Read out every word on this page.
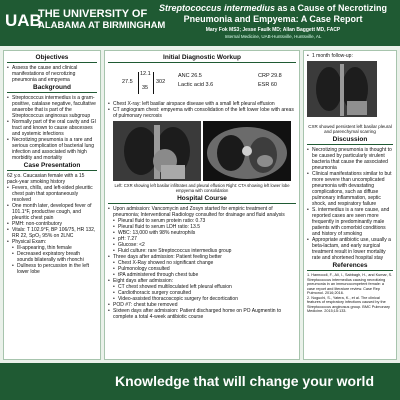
UAB
THE UNIVERSITY OF
ALABAMA AT BIRMINGHAM
Streptococcus intermedius as a Cause of Necrotizing Pneumonia and Empyema: A Case Report
Mary Fok MS3; Jesse Faulk MD; Allan Baggett MD, FACP
Internal Medicine, UAB-Huntsville, Huntsville, AL
Objectives
• Assess the cause and clinical manifestations of necrotizing pneumonia and empyema
Background
• Streptococcus intermedius is a gram-positive, catalase negative, facultative anaerobe that is part of the Streptococcus anginosus subgroup
• Normally part of the oral cavity and GI tract and known to cause abscesses and systemic infections
• Necrotizing pneumonia is a rare and serious complication of bacterial lung infection and associated with high morbidity and mortality
Case Presentation
62 y.o. Caucasian female with a 15 pack-year smoking history
• Fevers, chills, and left-sided pleuritic chest pain that spontaneously resolved
• One month later, developed fever of 101.1°F, productive cough, and pleuritic chest pain
• PMH: non-contributory
• Vitals: T 102.9°F, BP 106/75, HR 132, RR 22, SpO₂ 95% on 2LNC
• Physical Exam:
• Ill-appearing, thin female
• Decreased expiratory breath sounds bilaterally with rhonchi
• Dullness to percussion in the left lower lobe
Initial Diagnostic Workup
27.5
12.1
35
302
ANC 26.5
Lactic acid 3.6
CRP 29.8
ESR 60
• Chest X-ray: left basilar airspace disease with a small left pleural effusion
• CT angiogram chest: empyema with consolidation of the left lower lobe with areas of pulmonary necrosis
Left: CXR showing left basilar infiltrates and pleural effusion Right: CTA showing left lower lobe empyema with consolidation
Hospital Course
• Upon admission: Vancomycin and Zosyn started for empiric treatment of pneumonia; Interventional Radiology consulted for drainage and fluid analysis
• Pleural fluid to serum protein ratio: 0.73
• Pleural fluid to serum LDH ratio: 13.5
• WBC: 13,000 with 98% neutrophils
• pH: 7.27
• Glucose: <2
• Fluid culture: rare Streptococcus intermedius group
• Three days after admission: Patient feeling better
• Chest X-Ray showed no significant change
• Pulmonology consulted
• tPA administered through chest tube
• Eight days after admission:
• CT chest showed multiloculated left pleural effusion
• Cardiothoracic surgery consulted
• Video-assisted thoracoscopic surgery for decortication
• POD #7: chest tube removed
• Sixteen days after admission: Patient discharged home on PO Augmentin to complete a total 4-week antibiotic course
• 1 month follow-up:
CXR showed persistent left basilar pleural and parenchymal scarring
Discussion
• Necrotizing pneumonia is thought to be caused by particularly virulent bacteria that cause the associated pneumonia
• Clinical manifestations similar to but more severe than uncomplicated pneumonia with devastating complications, such as diffuse pulmonary inflammation, septic shock, and respiratory failure
• S. intermedius is a rare cause, and reported cases are seen more frequently in predominantly male patients with comorbid conditions and history of smoking
• Appropriate antibiotic use, usually a beta-lactam, and early surgical treatment result in lower mortality rate and shortened hospital stay
References
1. Hannoodi, F., Ali, I., Sabbagh, H., and Kumar, S. Streptococcus intermedius causing necrotizing pneumonia in an immunocompetent female: a case report and literature review. Case Rep Pulmonol. 2016;2016.
2. Noguchi, S., Yatera, K., et al. The clinical features of respiratory infections caused by the Streptococcus anginosus group. BMC Pulmonary Medicine. 2015;15:133.
Knowledge that will change your world
